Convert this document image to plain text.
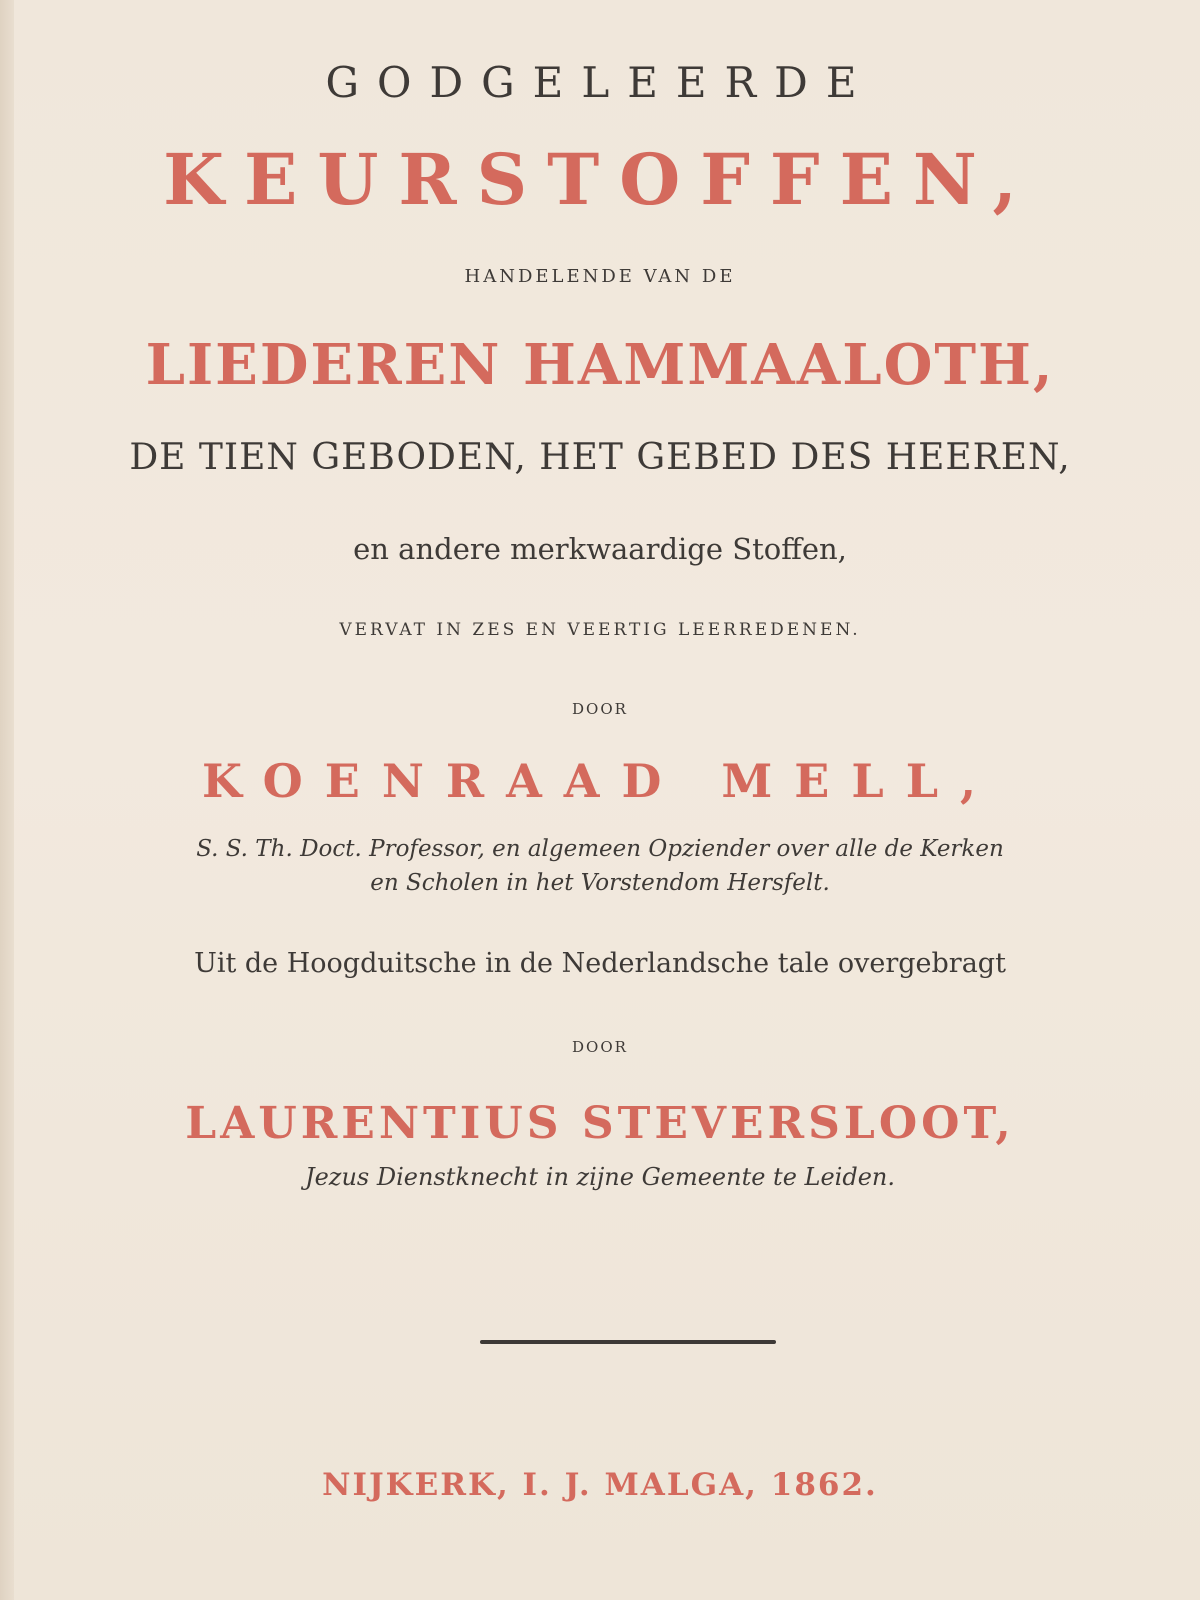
GODGELEERDE
KEURSTOFFEN,
HANDELENDE VAN DE
LIEDEREN HAMMAALOTH,
DE TIEN GEBODEN, HET GEBED DES HEEREN,
en andere merkwaardige Stoffen,
VERVAT IN ZES EN VEERTIG LEERREDENEN.
DOOR
KOENRAAD MELL,
S. S. Th. Doct. Professor, en algemeen Opziender over alle de Kerken
en Scholen in het Vorstendom Hersfelt.
Uit de Hoogduitsche in de Nederlandsche tale overgebragt
DOOR
LAURENTIUS STEVERSLOOT,
Jezus Dienstknecht in zijne Gemeente te Leiden.
NIJKERK, I. J. MALGA, 1862.
